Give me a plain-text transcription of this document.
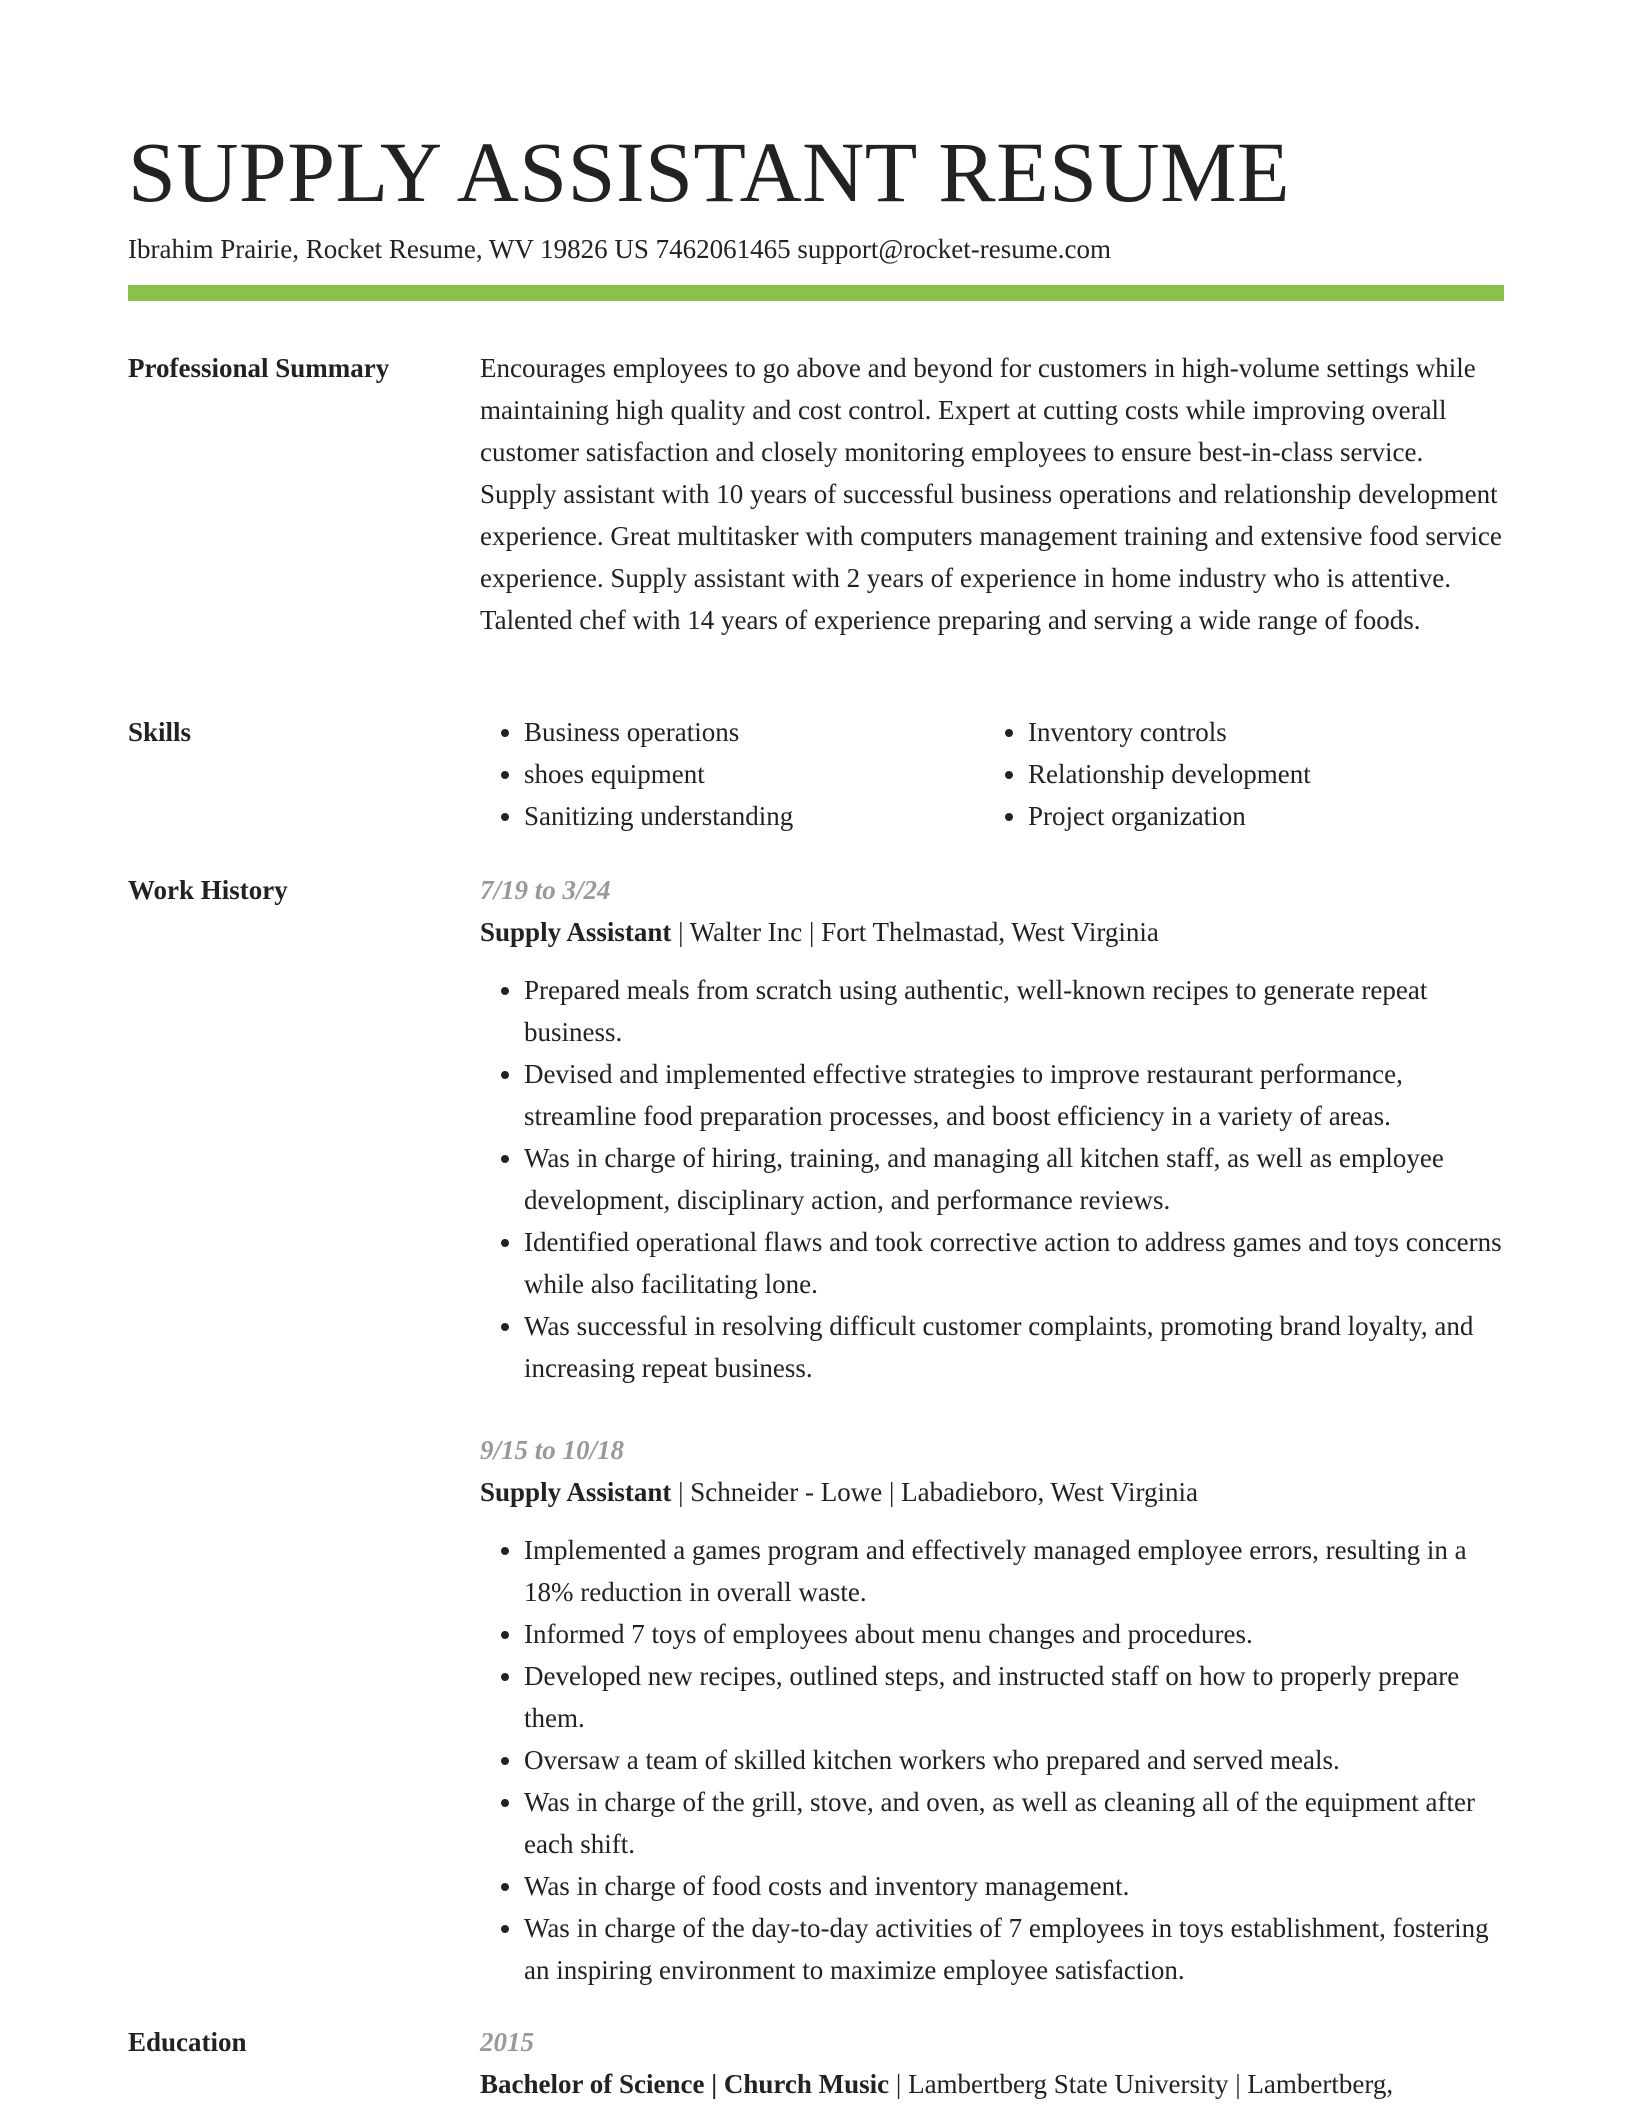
SUPPLY ASSISTANT RESUME
Ibrahim Prairie, Rocket Resume, WV 19826 US 7462061465 support@rocket-resume.com
Professional Summary	Encourages employees to go above and beyond for customers in high-volume settings while maintaining high quality and cost control. Expert at cutting costs while improving overall customer satisfaction and closely monitoring employees to ensure best-in-class service. Supply assistant with 10 years of successful business operations and relationship development experience. Great multitasker with computers management training and extensive food service experience. Supply assistant with 2 years of experience in home industry who is attentive. Talented chef with 14 years of experience preparing and serving a wide range of foods.

Skills
•	Business operations
• shoes equipment
• Sanitizing understanding
• Inventory controls
• Relationship development
• Project organization
Work History	7/19 to 3/24

Supply Assistant | Walter Inc | Fort Thelmastad, West Virginia

• Prepared meals from scratch using authentic, well-known recipes to generate repeat business.
• Devised and implemented effective strategies to improve restaurant performance, streamline food preparation processes, and boost efficiency in a variety of areas.
• Was in charge of hiring, training, and managing all kitchen staff, as well as employee development, disciplinary action, and performance reviews.
• Identified operational flaws and took corrective action to address games and toys concerns while also facilitating lone.
• Was successful in resolving difficult customer complaints, promoting brand loyalty, and increasing repeat business.

9/15 to 10/18

Supply Assistant | Schneider - Lowe | Labadieboro, West Virginia

• Implemented a games program and effectively managed employee errors, resulting in a 18% reduction in overall waste.
• Informed 7 toys of employees about menu changes and procedures.
• Developed new recipes, outlined steps, and instructed staff on how to properly prepare them.
• Oversaw a team of skilled kitchen workers who prepared and served meals.
• Was in charge of the grill, stove, and oven, as well as cleaning all of the equipment after each shift.
• Was in charge of food costs and inventory management.
• Was in charge of the day-to-day activities of 7 employees in toys establishment, fostering an inspiring environment to maximize employee satisfaction.
Education	2015

Bachelor of Science | Church Music | Lambertberg State University | Lambertberg,
